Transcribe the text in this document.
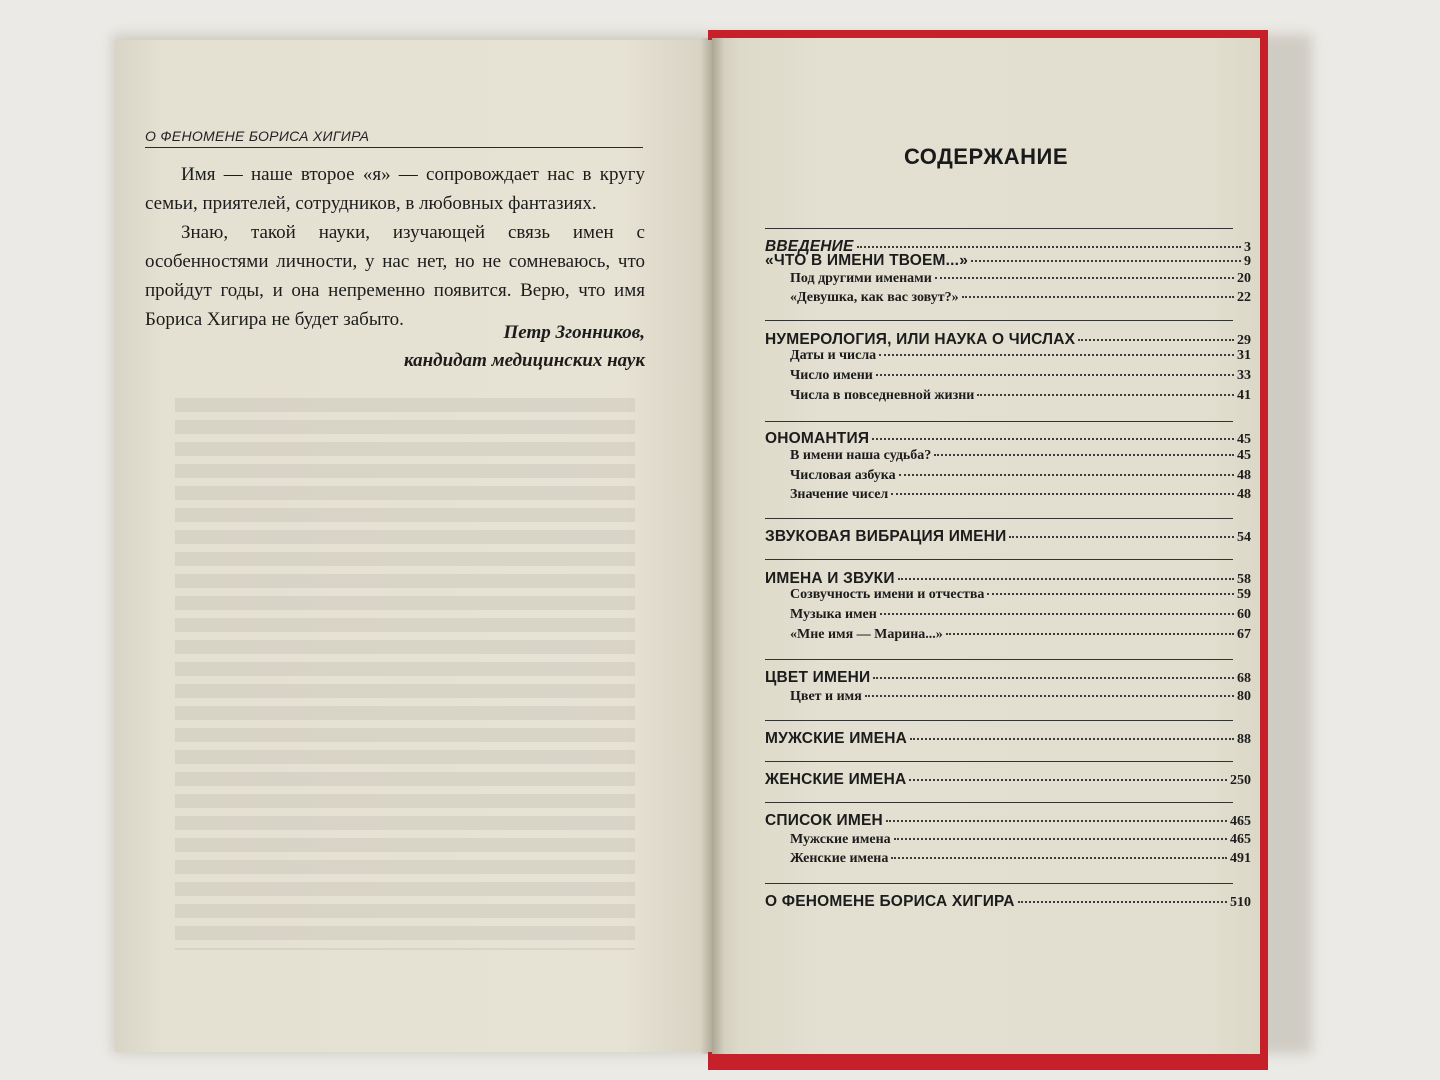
О ФЕНОМЕНЕ БОРИСА ХИГИРА

Имя — наше второе «я» — сопровождает нас в кругу семьи, приятелей, сотрудников, в любовных фантазиях.

Знаю, такой науки, изучающей связь имен с особенностями личности, у нас нет, но не сомневаюсь, что пройдут годы, и она непременно появится. Верю, что имя Бориса Хигира не будет забыто.

Петр Згонников,
кандидат медицинских наук
СОДЕРЖАНИЕ
ВВЕДЕНИЕ	3
«ЧТО В ИМЕНИ ТВОЕМ...»	9
Под другими именами	20
«Девушка, как вас зовут?»	22
НУМЕРОЛОГИЯ, ИЛИ НАУКА О ЧИСЛАХ	29
Даты и числа	31
Число имени	33
Числа в повседневной жизни	41
ОНОМАНТИЯ	45
В имени наша судьба?	45
Числовая азбука	48
Значение чисел	48
ЗВУКОВАЯ ВИБРАЦИЯ ИМЕНИ	54
ИМЕНА И ЗВУКИ	58
Созвучность имени и отчества	59
Музыка имен	60
«Мне имя — Марина...»	67
ЦВЕТ ИМЕНИ	68
Цвет и имя	80
МУЖСКИЕ ИМЕНА	88
ЖЕНСКИЕ ИМЕНА	250
СПИСОК ИМЕН	465
Мужские имена	465
Женские имена	491
О ФЕНОМЕНЕ БОРИСА ХИГИРА	510
